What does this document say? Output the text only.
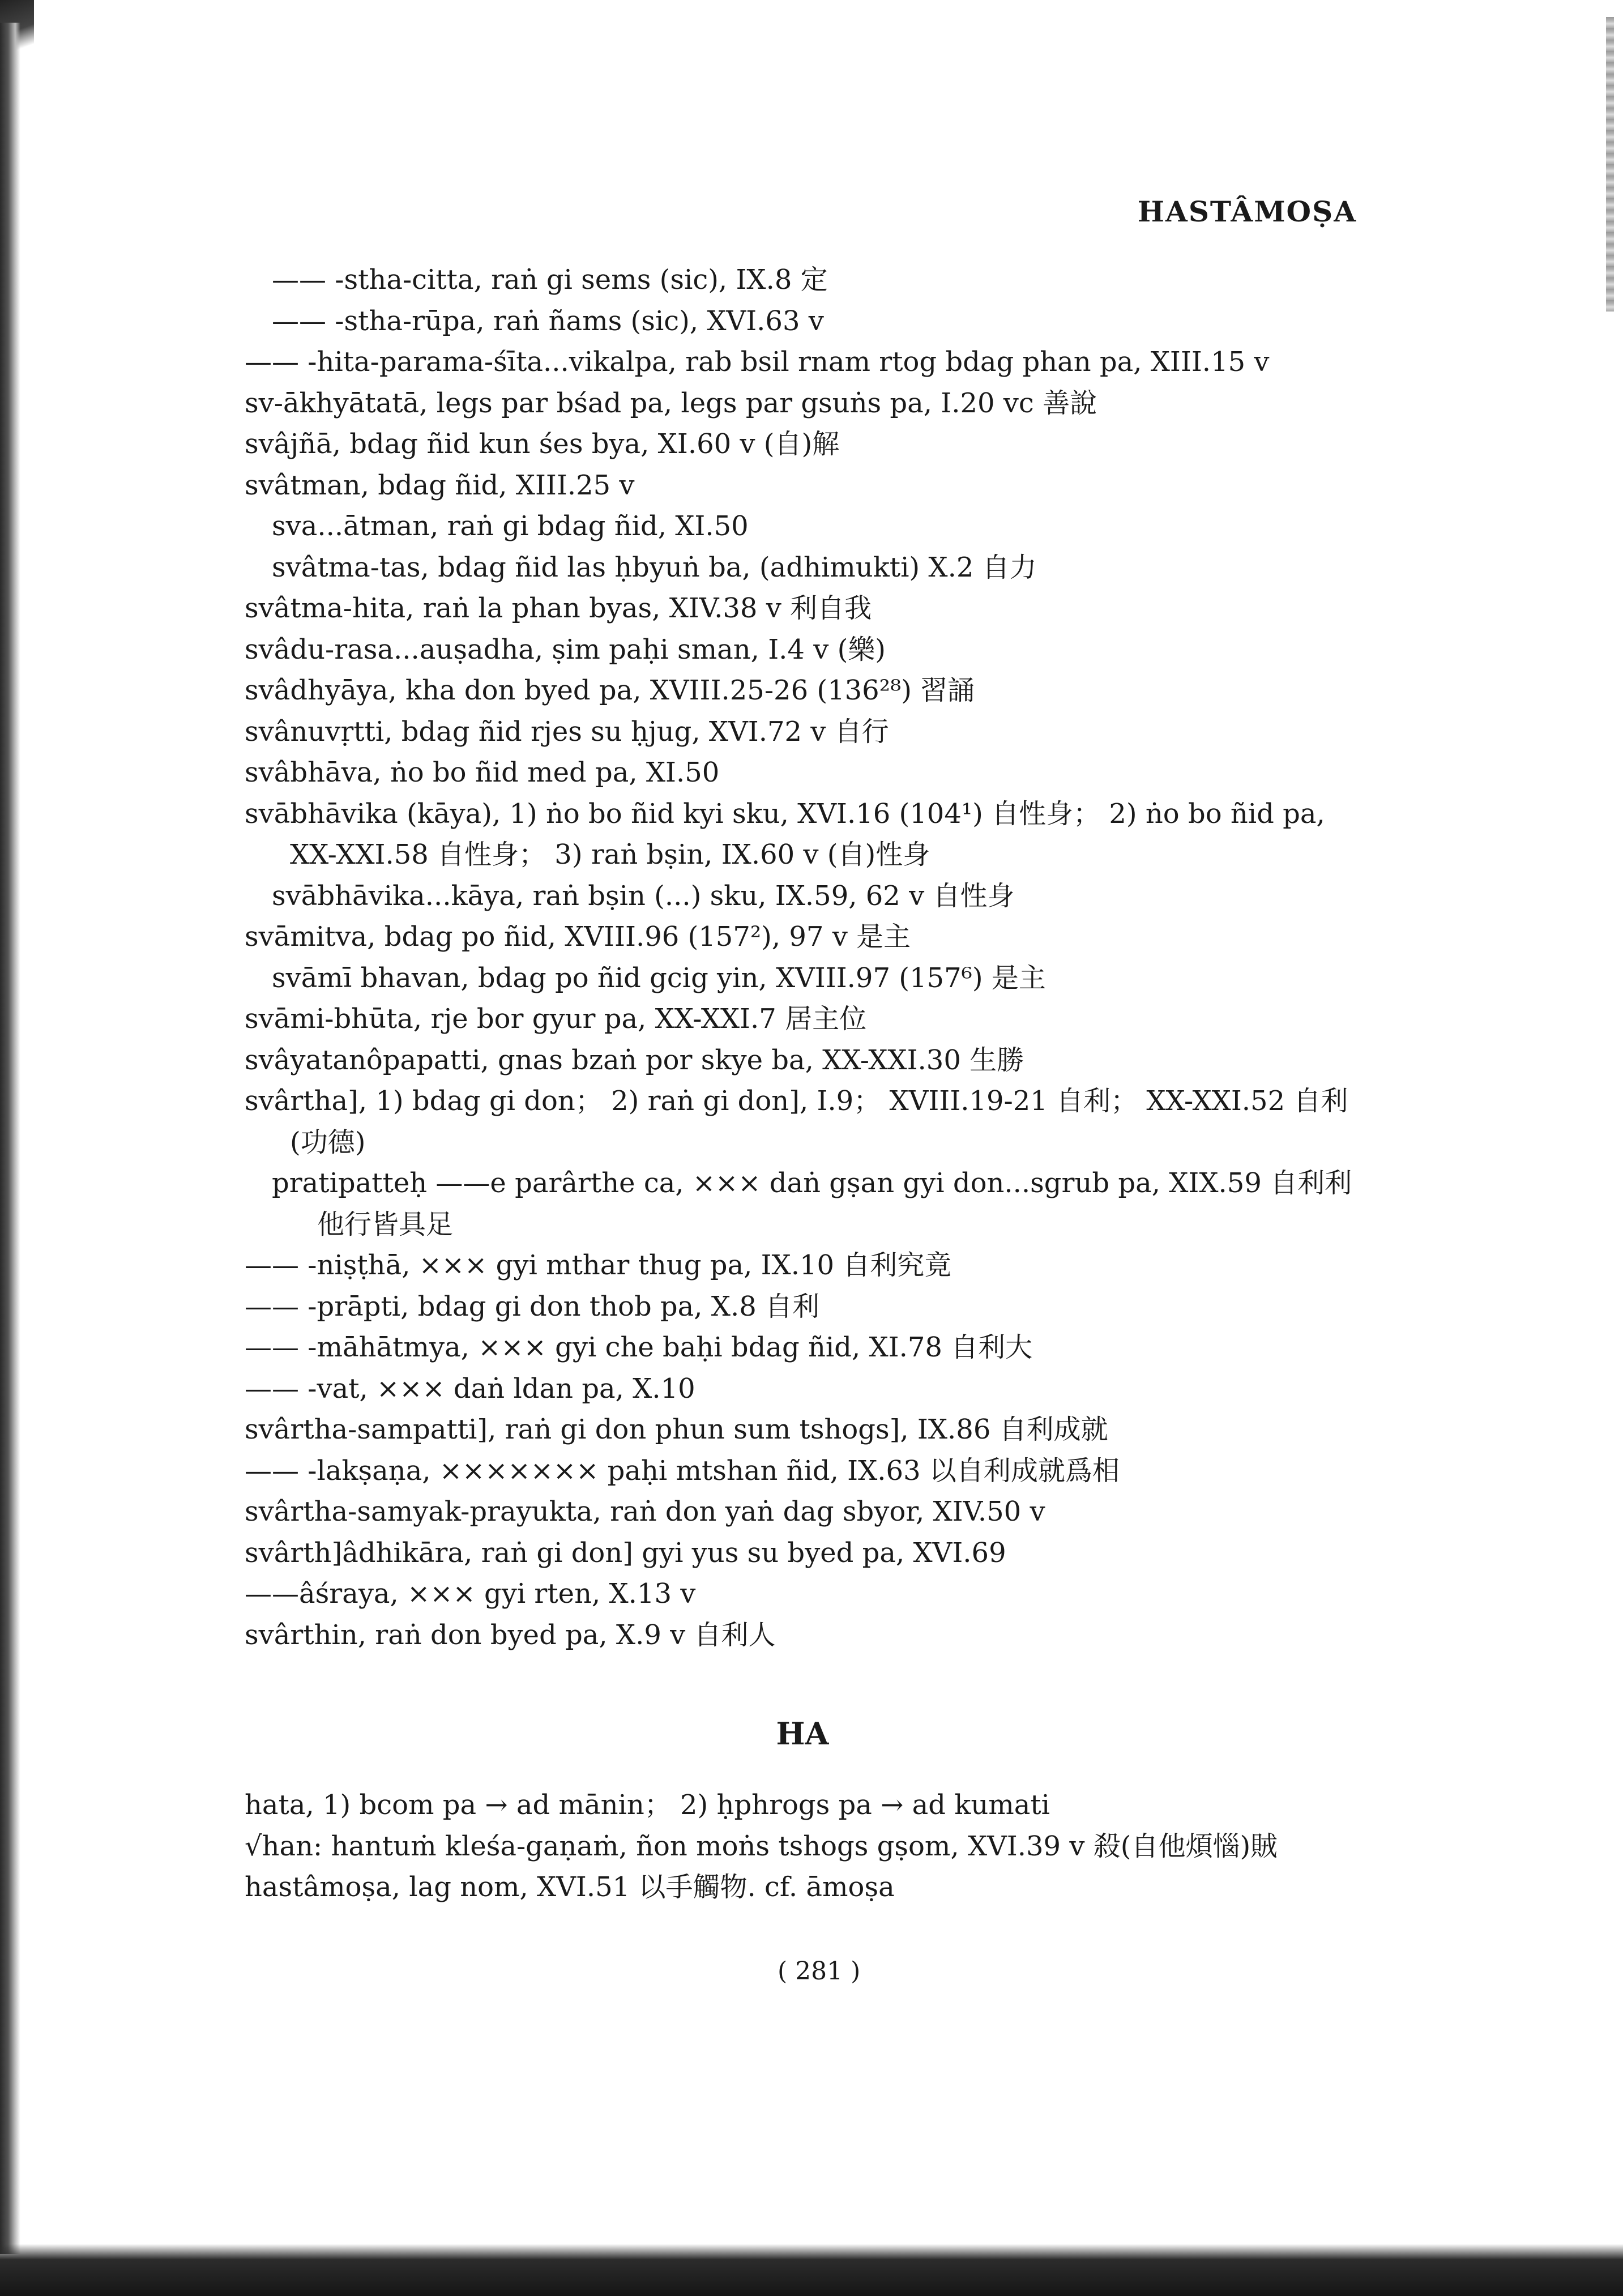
HASTÂMOṢA
—— -stha-citta, raṅ gi sems (sic), IX.8 定
—— -stha-rūpa, raṅ ñams (sic), XVI.63 v
—— -hita-parama-śīta...vikalpa, rab bsil rnam rtog bdag phan pa, XIII.15 v
sv-ākhyātatā, legs par bśad pa, legs par gsuṅs pa, I.20 vc 善說
svâjñā, bdag ñid kun śes bya, XI.60 v (自)解
svâtman, bdag ñid, XIII.25 v
sva...ātman, raṅ gi bdag ñid, XI.50
svâtma-tas, bdag ñid las ḥbyuṅ ba, (adhimukti) X.2 自力
svâtma-hita, raṅ la phan byas, XIV.38 v 利自我
svâdu-rasa...auṣadha, ṣim paḥi sman, I.4 v (樂)
svâdhyāya, kha don byed pa, XVIII.25-26 (136²⁸) 習誦
svânuvṛtti, bdag ñid rjes su ḥjug, XVI.72 v 自行
svâbhāva, ṅo bo ñid med pa, XI.50
svābhāvika (kāya), 1) ṅo bo ñid kyi sku, XVI.16 (104¹) 自性身； 2) ṅo bo ñid pa, XX-XXI.58 自性身； 3) raṅ bṣin, IX.60 v (自)性身
svābhāvika...kāya, raṅ bṣin (...) sku, IX.59, 62 v 自性身
svāmitva, bdag po ñid, XVIII.96 (157²), 97 v 是主
svāmī bhavan, bdag po ñid gcig yin, XVIII.97 (157⁶) 是主
svāmi-bhūta, rje bor gyur pa, XX-XXI.7 居主位
svâyatanôpapatti, gnas bzaṅ por skye ba, XX-XXI.30 生勝
svârtha], 1) bdag gi don； 2) raṅ gi don], I.9； XVIII.19-21 自利； XX-XXI.52 自利(功德)
pratipatteḥ ——e parârthe ca, ××× daṅ gṣan gyi don...sgrub pa, XIX.59 自利利他行皆具足
—— -niṣṭhā, ××× gyi mthar thug pa, IX.10 自利究竟
—— -prāpti, bdag gi don thob pa, X.8 自利
—— -māhātmya, ××× gyi che baḥi bdag ñid, XI.78 自利大
—— -vat, ××× daṅ ldan pa, X.10
svârtha-sampatti], raṅ gi don phun sum tshogs], IX.86 自利成就
—— -lakṣaṇa, ××××××× paḥi mtshan ñid, IX.63 以自利成就爲相
svârtha-samyak-prayukta, raṅ don yaṅ dag sbyor, XIV.50 v
svârth]âdhikāra, raṅ gi don] gyi yus su byed pa, XVI.69
——âśraya, ××× gyi rten, X.13 v
svârthin, raṅ don byed pa, X.9 v 自利人
HA
hata, 1) bcom pa → ad mānin； 2) ḥphrogs pa → ad kumati
√han: hantuṁ kleśa-gaṇaṁ, ñon moṅs tshogs gṣom, XVI.39 v 殺(自他煩惱)賊
hastâmoṣa, lag nom, XVI.51 以手觸物. cf. āmoṣa
( 281 )
